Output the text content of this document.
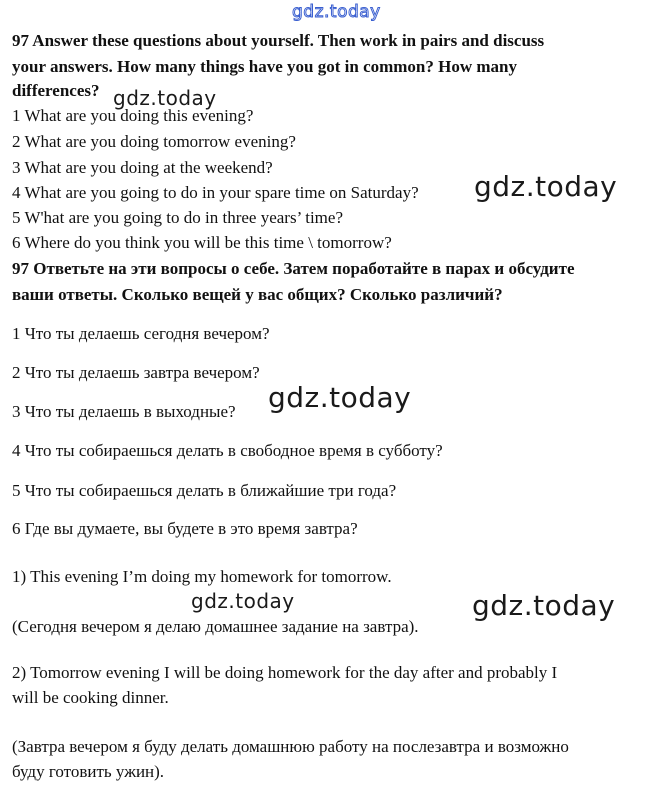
gdz.today
97 Answer these questions about yourself. Then work in pairs and discuss
your answers. How many things have you got in common? How many
differences?
1 What are you doing this evening?
2 What are you doing tomorrow evening?
3 What are you doing at the weekend?
4 What are you going to do in your spare time on Saturday?
5 W'hat are you going to do in three years’ time?
6 Where do you think you will be this time \ tomorrow?
97 Ответьте на эти вопросы о себе. Затем поработайте в парах и обсудите
ваши ответы. Сколько вещей у вас общих? Сколько различий?
1 Что ты делаешь сегодня вечером?
2 Что ты делаешь завтра вечером?
3 Что ты делаешь в выходные?
4 Что ты собираешься делать в свободное время в субботу?
5 Что ты собираешься делать в ближайшие три года?
6 Где вы думаете, вы будете в это время завтра?
1) This evening I’m doing my homework for tomorrow.
(Сегодня вечером я делаю домашнее задание на завтра).
2) Tomorrow evening I will be doing homework for the day after and probably I
will be cooking dinner.
(Завтра вечером я буду делать домашнюю работу на послезавтра и возможно
буду готовить ужин).
gdz.today
gdz.today
gdz.today
gdz.today	gdz.today
